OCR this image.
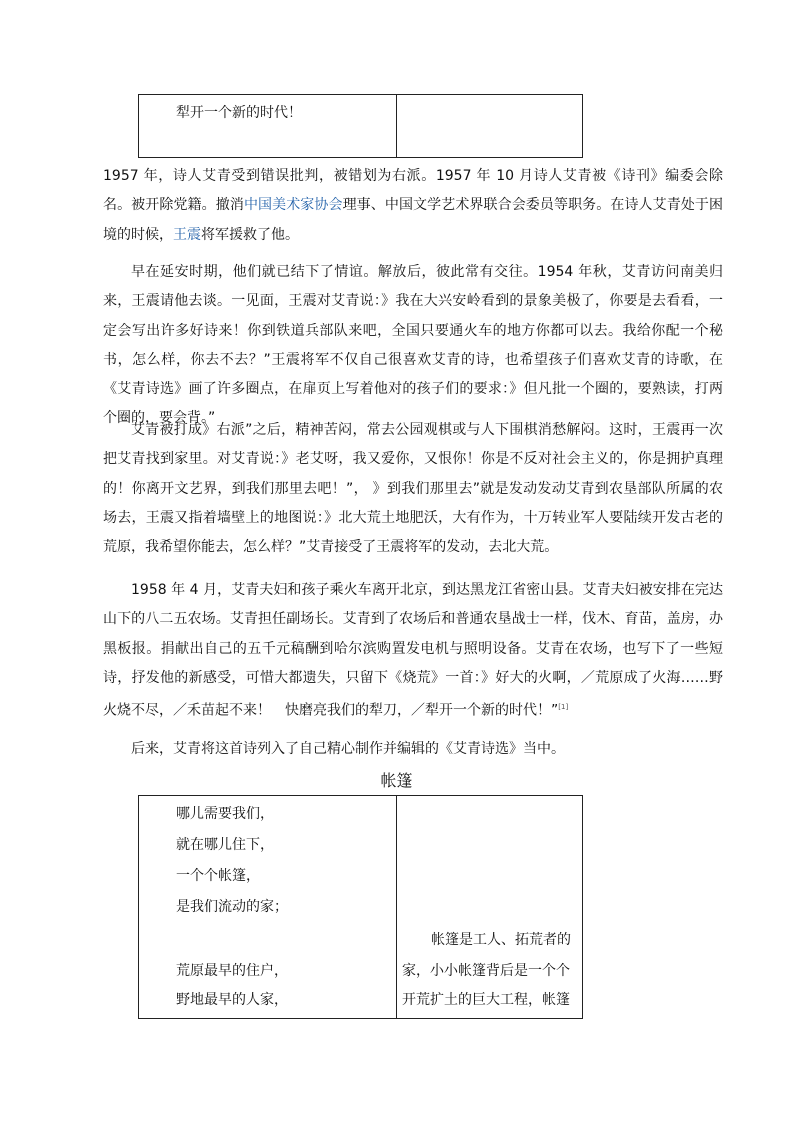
犁开一个新的时代！
1957 年，诗人艾青受到错误批判，被错划为右派。1957 年 10 月诗人艾青被《诗刊》编委会除名。被开除党籍。撤消中国美术家协会理事、中国文学艺术界联合会委员等职务。在诗人艾青处于困境的时候，王震将军援救了他。
早在延安时期，他们就已结下了情谊。解放后，彼此常有交往。1954 年秋，艾青访问南美归来，王震请他去谈。一见面，王震对艾青说：》我在大兴安岭看到的景象美极了，你要是去看看，一定会写出许多好诗来！你到铁道兵部队来吧，全国只要通火车的地方你都可以去。我给你配一个秘书，怎么样，你去不去？”王震将军不仅自己很喜欢艾青的诗，也希望孩子们喜欢艾青的诗歌，在《艾青诗选》画了许多圈点，在扉页上写着他对的孩子们的要求：》但凡批一个圈的，要熟读，打两个圈的，要会背。”
艾青被打成》右派”之后，精神苦闷，常去公园观棋或与人下围棋消愁解闷。这时，王震再一次把艾青找到家里。对艾青说：》老艾呀，我又爱你，又恨你！你是不反对社会主义的，你是拥护真理的！你离开文艺界，到我们那里去吧！”， 》到我们那里去”就是发动发动艾青到农垦部队所属的农场去，王震又指着墙壁上的地图说：》北大荒土地肥沃，大有作为，十万转业军人要陆续开发古老的荒原，我希望你能去，怎么样？”艾青接受了王震将军的发动，去北大荒。
1958 年 4 月，艾青夫妇和孩子乘火车离开北京，到达黑龙江省密山县。艾青夫妇被安排在完达山下的八二五农场。艾青担任副场长。艾青到了农场后和普通农垦战士一样，伐木、育苗，盖房，办黑板报。捐献出自己的五千元稿酬到哈尔滨购置发电机与照明设备。艾青在农场，也写下了一些短诗，抒发他的新感受，可惜大都遗失，只留下《烧荒》一首：》好大的火啊，／荒原成了火海……野火烧不尽，／禾苗起不来！　快磨亮我们的犁刀，／犁开一个新的时代！”[1]
后来，艾青将这首诗列入了自己精心制作并编辑的《艾青诗选》当中。
帐篷
哪儿需要我们，
就在哪儿住下，
一个个帐篷，
是我们流动的家；
荒原最早的住户，
野地最早的人家，
帐篷是工人、拓荒者的
家，小小帐篷背后是一个个
开荒扩土的巨大工程，帐篷
